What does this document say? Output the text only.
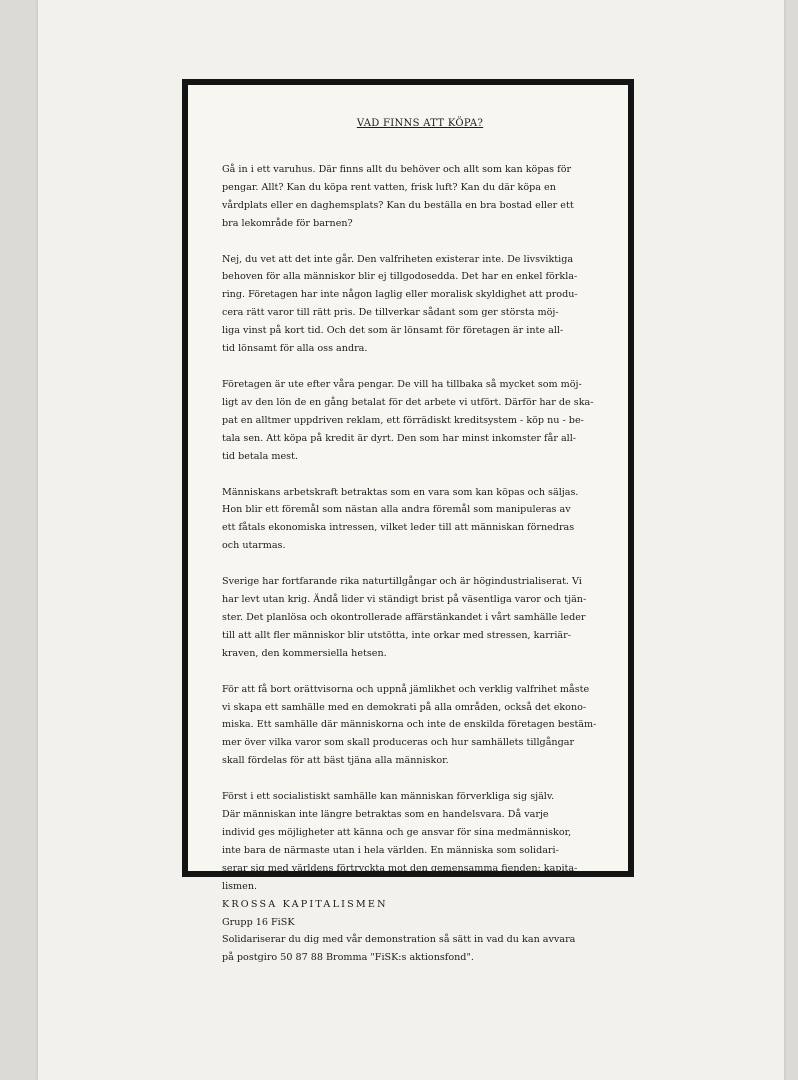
VAD FINNS ATT KÖPA?
Gå in i ett varuhus. Där finns allt du behöver och allt som kan köpas för
pengar. Allt? Kan du köpa rent vatten, frisk luft? Kan du där köpa en
vårdplats eller en daghemsplats? Kan du beställa en bra bostad eller ett
bra lekområde för barnen?
Nej, du vet att det inte går. Den valfriheten existerar inte. De livsviktiga
behoven för alla människor blir ej tillgodosedda. Det har en enkel förkla-
ring. Företagen har inte någon laglig eller moralisk skyldighet att produ-
cera rätt varor till rätt pris. De tillverkar sådant som ger största möj-
liga vinst på kort tid. Och det som är lönsamt för företagen är inte all-
tid lönsamt för alla oss andra.
Företagen är ute efter våra pengar. De vill ha tillbaka så mycket som möj-
ligt av den lön de en gång betalat för det arbete vi utfört. Därför har de ska-
pat en alltmer uppdriven reklam, ett förrädiskt kreditsystem - köp nu - be-
tala sen. Att köpa på kredit är dyrt. Den som har minst inkomster får all-
tid betala mest.
Människans arbetskraft betraktas som en vara som kan köpas och säljas.
Hon blir ett föremål som nästan alla andra föremål som manipuleras av
ett fåtals ekonomiska intressen, vilket leder till att människan förnedras
och utarmas.
Sverige har fortfarande rika naturtillgångar och är högindustrialiserat. Vi
har levt utan krig. Ändå lider vi ständigt brist på väsentliga varor och tjän-
ster. Det planlösa och okontrollerade affärstänkandet i vårt samhälle leder
till att allt fler människor blir utstötta, inte orkar med stressen, karriär-
kraven, den kommersiella hetsen.
För att få bort orättvisorna och uppnå jämlikhet och verklig valfrihet måste
vi skapa ett samhälle med en demokrati på alla områden, också det ekono-
miska. Ett samhälle där människorna och inte de enskilda företagen bestäm-
mer över vilka varor som skall produceras och hur samhällets tillgångar
skall fördelas för att bäst tjäna alla människor.
Först i ett socialistiskt samhälle kan människan förverkliga sig själv.
Där människan inte längre betraktas som en handelsvara. Då varje
individ ges möjligheter att känna och ge ansvar för sina medmänniskor,
inte bara de närmaste utan i hela världen. En människa som solidari-
serar sig med världens förtryckta mot den gemensamma fienden: kapita-
lismen.
KROSSA KAPITALISMEN
Grupp 16 FiSK
Solidariserar du dig med vår demonstration så sätt in vad du kan avvara
på postgiro 50 87 88 Bromma "FiSK:s aktionsfond".
